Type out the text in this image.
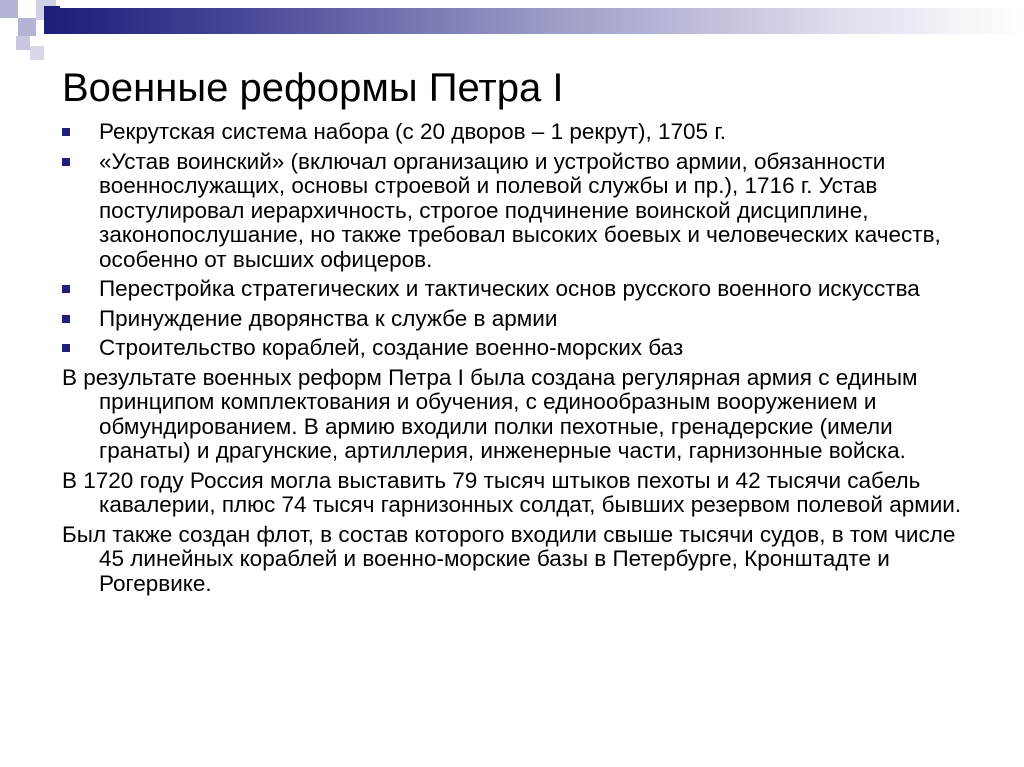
Военные реформы Петра I
Рекрутская система набора (с 20 дворов – 1 рекрут), 1705 г.
«Устав воинский» (включал организацию и устройство армии, обязанности военнослужащих, основы строевой и полевой службы и пр.), 1716 г. Устав постулировал иерархичность, строгое подчинение воинской дисциплине, законопослушание, но также требовал высоких боевых и человеческих качеств, особенно от высших офицеров.
Перестройка стратегических и тактических основ русского военного искусства
Принуждение дворянства к службе в армии
Строительство кораблей, создание военно-морских баз

В результате военных реформ Петра I была создана регулярная армия с единым принципом комплектования и обучения, с единообразным вооружением и обмундированием. В армию входили полки пехотные, гренадерские (имели гранаты) и драгунские, артиллерия, инженерные части, гарнизонные войска.

В 1720 году Россия могла выставить 79 тысяч штыков пехоты и 42 тысячи сабель кавалерии, плюс 74 тысяч гарнизонных солдат, бывших резервом полевой армии.

Был также создан флот, в состав которого входили свыше тысячи судов, в том числе 45 линейных кораблей и военно-морские базы в Петербурге, Кронштадте и Рогервике.
